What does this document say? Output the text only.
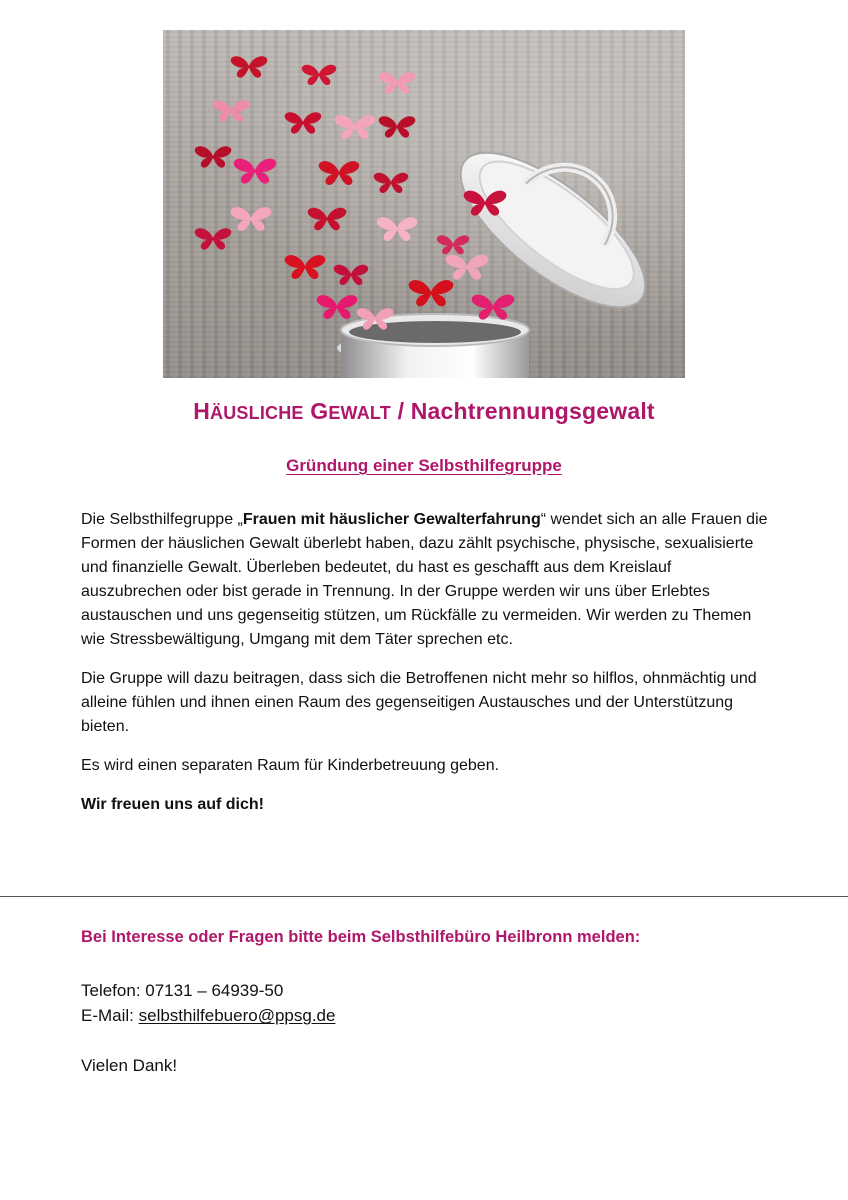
HÄUSLICHE GEWALT / Nachtrennungsgewalt
Gründung einer Selbsthilfegruppe

Die Selbsthilfegruppe „Frauen mit häuslicher Gewalterfahrung“ wendet sich an alle Frauen die Formen der häuslichen Gewalt überlebt haben, dazu zählt psychische, physische, sexualisierte und finanzielle Gewalt. Überleben bedeutet, du hast es geschafft aus dem Kreislauf auszubrechen oder bist gerade in Trennung. In der Gruppe werden wir uns über Erlebtes austauschen und uns gegenseitig stützen, um Rückfälle zu vermeiden. Wir werden zu Themen wie Stressbewältigung, Umgang mit dem Täter sprechen etc.

Die Gruppe will dazu beitragen, dass sich die Betroffenen nicht mehr so hilflos, ohnmächtig und alleine fühlen und ihnen einen Raum des gegenseitigen Austausches und der Unterstützung bieten.

Es wird einen separaten Raum für Kinderbetreuung geben.

Wir freuen uns auf dich!

Bei Interesse oder Fragen bitte beim Selbsthilfebüro Heilbronn melden:
Telefon: 07131 – 64939-50
E-Mail: selbsthilfebuero@ppsg.de
Vielen Dank!
